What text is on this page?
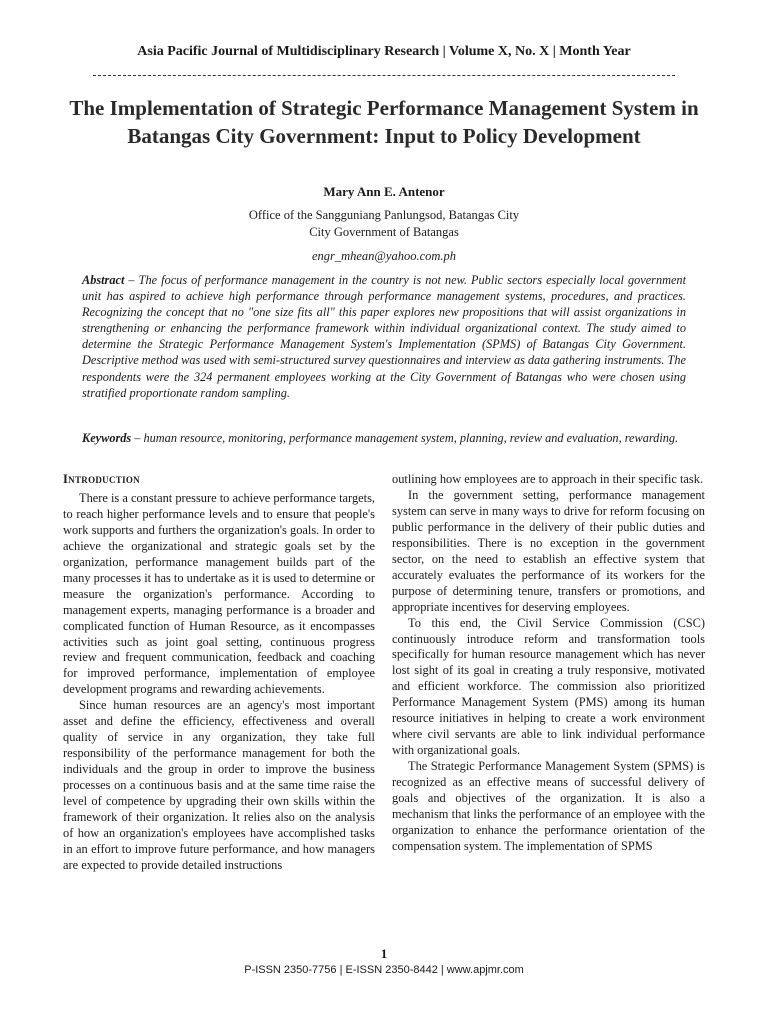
Asia Pacific Journal of Multidisciplinary Research | Volume X, No. X | Month Year
The Implementation of Strategic Performance Management System in Batangas City Government: Input to Policy Development
Mary Ann E. Antenor
Office of the Sangguniang Panlungsod, Batangas City
City Government of Batangas
engr_mhean@yahoo.com.ph
Abstract – The focus of performance management in the country is not new. Public sectors especially local government unit has aspired to achieve high performance through performance management systems, procedures, and practices. Recognizing the concept that no "one size fits all" this paper explores new propositions that will assist organizations in strengthening or enhancing the performance framework within individual organizational context. The study aimed to determine the Strategic Performance Management System's Implementation (SPMS) of Batangas City Government. Descriptive method was used with semi-structured survey questionnaires and interview as data gathering instruments. The respondents were the 324 permanent employees working at the City Government of Batangas who were chosen using stratified proportionate random sampling.
Keywords – human resource, monitoring, performance management system, planning, review and evaluation, rewarding.
Introduction

There is a constant pressure to achieve performance targets, to reach higher performance levels and to ensure that people's work supports and furthers the organization's goals. In order to achieve the organizational and strategic goals set by the organization, performance management builds part of the many processes it has to undertake as it is used to determine or measure the organization's performance. According to management experts, managing performance is a broader and complicated function of Human Resource, as it encompasses activities such as joint goal setting, continuous progress review and frequent communication, feedback and coaching for improved performance, implementation of employee development programs and rewarding achievements.

Since human resources are an agency's most important asset and define the efficiency, effectiveness and overall quality of service in any organization, they take full responsibility of the performance management for both the individuals and the group in order to improve the business processes on a continuous basis and at the same time raise the level of competence by upgrading their own skills within the framework of their organization. It relies also on the analysis of how an organization's employees have accomplished tasks in an effort to improve future performance, and how managers are expected to provide detailed instructions

outlining how employees are to approach in their specific task.

In the government setting, performance management system can serve in many ways to drive for reform focusing on public performance in the delivery of their public duties and responsibilities. There is no exception in the government sector, on the need to establish an effective system that accurately evaluates the performance of its workers for the purpose of determining tenure, transfers or promotions, and appropriate incentives for deserving employees.

To this end, the Civil Service Commission (CSC) continuously introduce reform and transformation tools specifically for human resource management which has never lost sight of its goal in creating a truly responsive, motivated and efficient workforce. The commission also prioritized Performance Management System (PMS) among its human resource initiatives in helping to create a work environment where civil servants are able to link individual performance with organizational goals.

The Strategic Performance Management System (SPMS) is recognized as an effective means of successful delivery of goals and objectives of the organization. It is also a mechanism that links the performance of an employee with the organization to enhance the performance orientation of the compensation system. The implementation of SPMS

1
P-ISSN 2350-7756 | E-ISSN 2350-8442 | www.apjmr.com
